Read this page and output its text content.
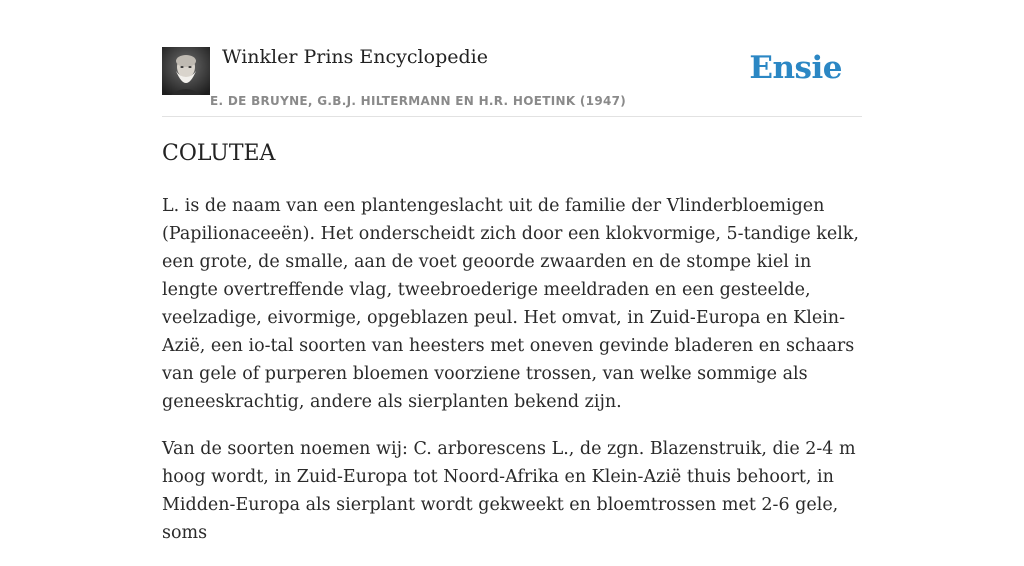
Winkler Prins Encyclopedie
E. DE BRUYNE, G.B.J. HILTERMANN EN H.R. HOETINK (1947)
Ensie
COLUTEA

L. is de naam van een plantengeslacht uit de familie der Vlinderbloemigen (Papilionaceeën). Het onderscheidt zich door een klokvormige, 5-tandige kelk, een grote, de smalle, aan de voet geoorde zwaarden en de stompe kiel in lengte overtreffende vlag, tweebroederige meeldraden en een gesteelde, veelzadige, eivormige, opgeblazen peul. Het omvat, in Zuid-Europa en Klein-Azië, een io-tal soorten van heesters met oneven gevinde bladeren en schaars van gele of purperen bloemen voorziene trossen, van welke sommige als geneeskrachtig, andere als sierplanten bekend zijn.

Van de soorten noemen wij: C. arborescens L., de zgn. Blazenstruik, die 2-4 m hoog wordt, in Zuid-Europa tot Noord-Afrika en Klein-Azië thuis behoort, in Midden-Europa als sierplant wordt gekweekt en bloemtrossen met 2-6 gele, soms
